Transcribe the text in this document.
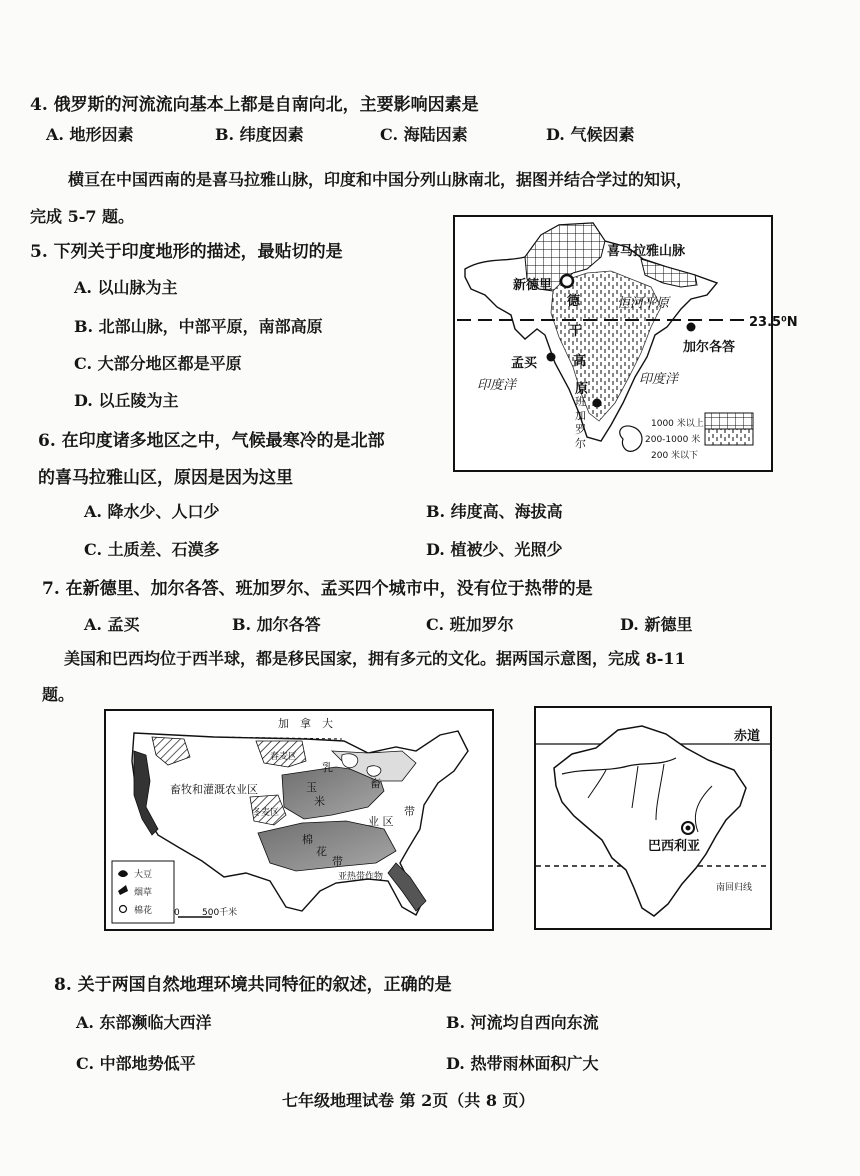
4. 俄罗斯的河流流向基本上都是自南向北，主要影响因素是
A. 地形因素	B. 纬度因素	C. 海陆因素	D. 气候因素
横亘在中国西南的是喜马拉雅山脉，印度和中国分列山脉南北，据图并结合学过的知识，
完成 5-7 题。
5. 下列关于印度地形的描述，最贴切的是
A. 以山脉为主
B. 北部山脉，中部平原，南部高原
C. 大部分地区都是平原
D. 以丘陵为主
6. 在印度诸多地区之中，气候最寒冷的是北部
的喜马拉雅山区，原因是因为这里
A. 降水少、人口少	B. 纬度高、海拔高
C. 土质差、石漠多	D. 植被少、光照少
7. 在新德里、加尔各答、班加罗尔、孟买四个城市中，没有位于热带的是
A. 孟买	B. 加尔各答	C. 班加罗尔	D. 新德里
美国和巴西均位于西半球，都是移民国家，拥有多元的文化。据两国示意图，完成 8-11
题。
喜马拉雅山脉
新德里
恒河平原
23.5⁰N
加尔各答
德
干
高
原
孟买
印度洋	印度洋
班
加
罗
尔
1000 米以上
200-1000 米
200 米以下
加　拿　大
畜牧和灌溉农业区
春麦区
冬麦区
乳
畜
带
玉
米
业 区
棉
花
带
亚热带作物
大豆
烟草
棉花 0 500千米
赤道
巴西利亚
南回归线
8. 关于两国自然地理环境共同特征的叙述，正确的是
A. 东部濒临大西洋	B. 河流均自西向东流
C. 中部地势低平	D. 热带雨林面积广大
七年级地理试卷 第 2页（共 8 页）
